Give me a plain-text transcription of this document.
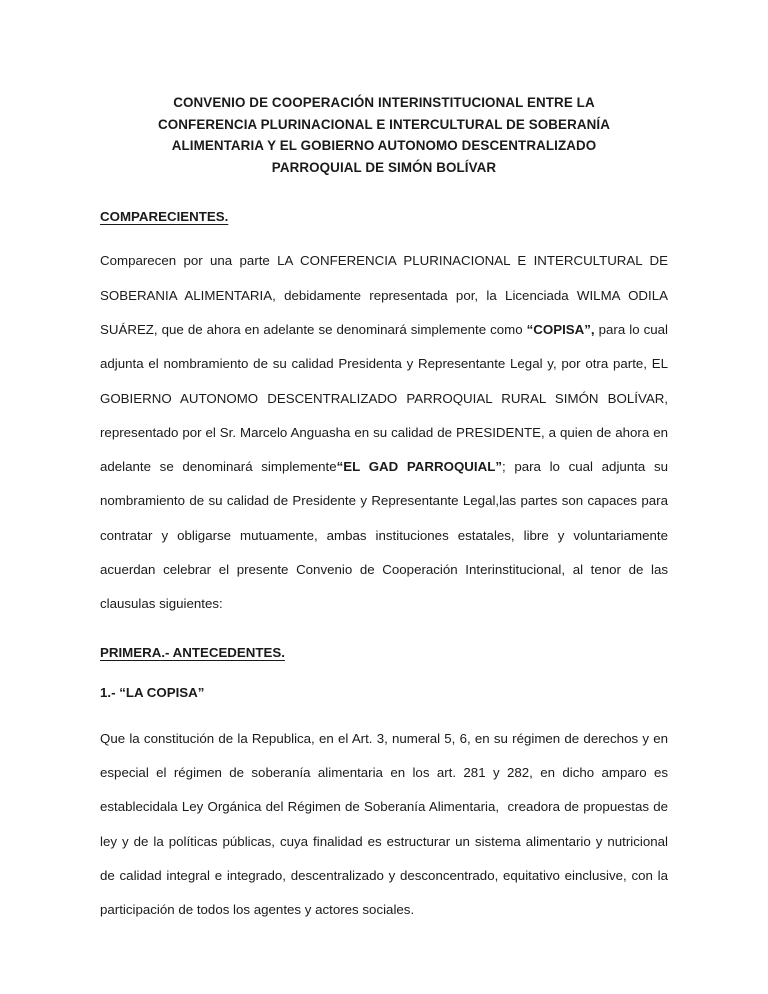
CONVENIO DE COOPERACIÓN INTERINSTITUCIONAL ENTRE LA
CONFERENCIA PLURINACIONAL E INTERCULTURAL DE SOBERANÍA
ALIMENTARIA Y EL GOBIERNO AUTONOMO DESCENTRALIZADO
PARROQUIAL DE SIMÓN BOLÍVAR
COMPARECIENTES.

Comparecen por una parte LA CONFERENCIA PLURINACIONAL E INTERCULTURAL DE SOBERANIA ALIMENTARIA, debidamente representada por, la Licenciada WILMA ODILA SUÁREZ, que de ahora en adelante se denominará simplemente como “COPISA”, para lo cual adjunta el nombramiento de su calidad Presidenta y Representante Legal y, por otra parte, EL GOBIERNO AUTONOMO DESCENTRALIZADO PARROQUIAL RURAL SIMÓN BOLÍVAR, representado por el Sr. Marcelo Anguasha en su calidad de PRESIDENTE, a quien de ahora en adelante se denominará simplemente“EL GAD PARROQUIAL”; para lo cual adjunta su nombramiento de su calidad de Presidente y Representante Legal,las partes son capaces para contratar y obligarse mutuamente, ambas instituciones estatales, libre y voluntariamente acuerdan celebrar el presente Convenio de Cooperación Interinstitucional, al tenor de las clausulas siguientes:

PRIMERA.- ANTECEDENTES.
1.- “LA COPISA”

Que la constitución de la Republica, en el Art. 3, numeral 5, 6, en su régimen de derechos y en especial el régimen de soberanía alimentaria en los art. 281 y 282, en dicho amparo es establecidala Ley Orgánica del Régimen de Soberanía Alimentaria,  creadora de propuestas de ley y de la políticas públicas, cuya finalidad es estructurar un sistema alimentario y nutricional de calidad integral e integrado, descentralizado y desconcentrado, equitativo einclusive, con la participación de todos los agentes y actores sociales.
